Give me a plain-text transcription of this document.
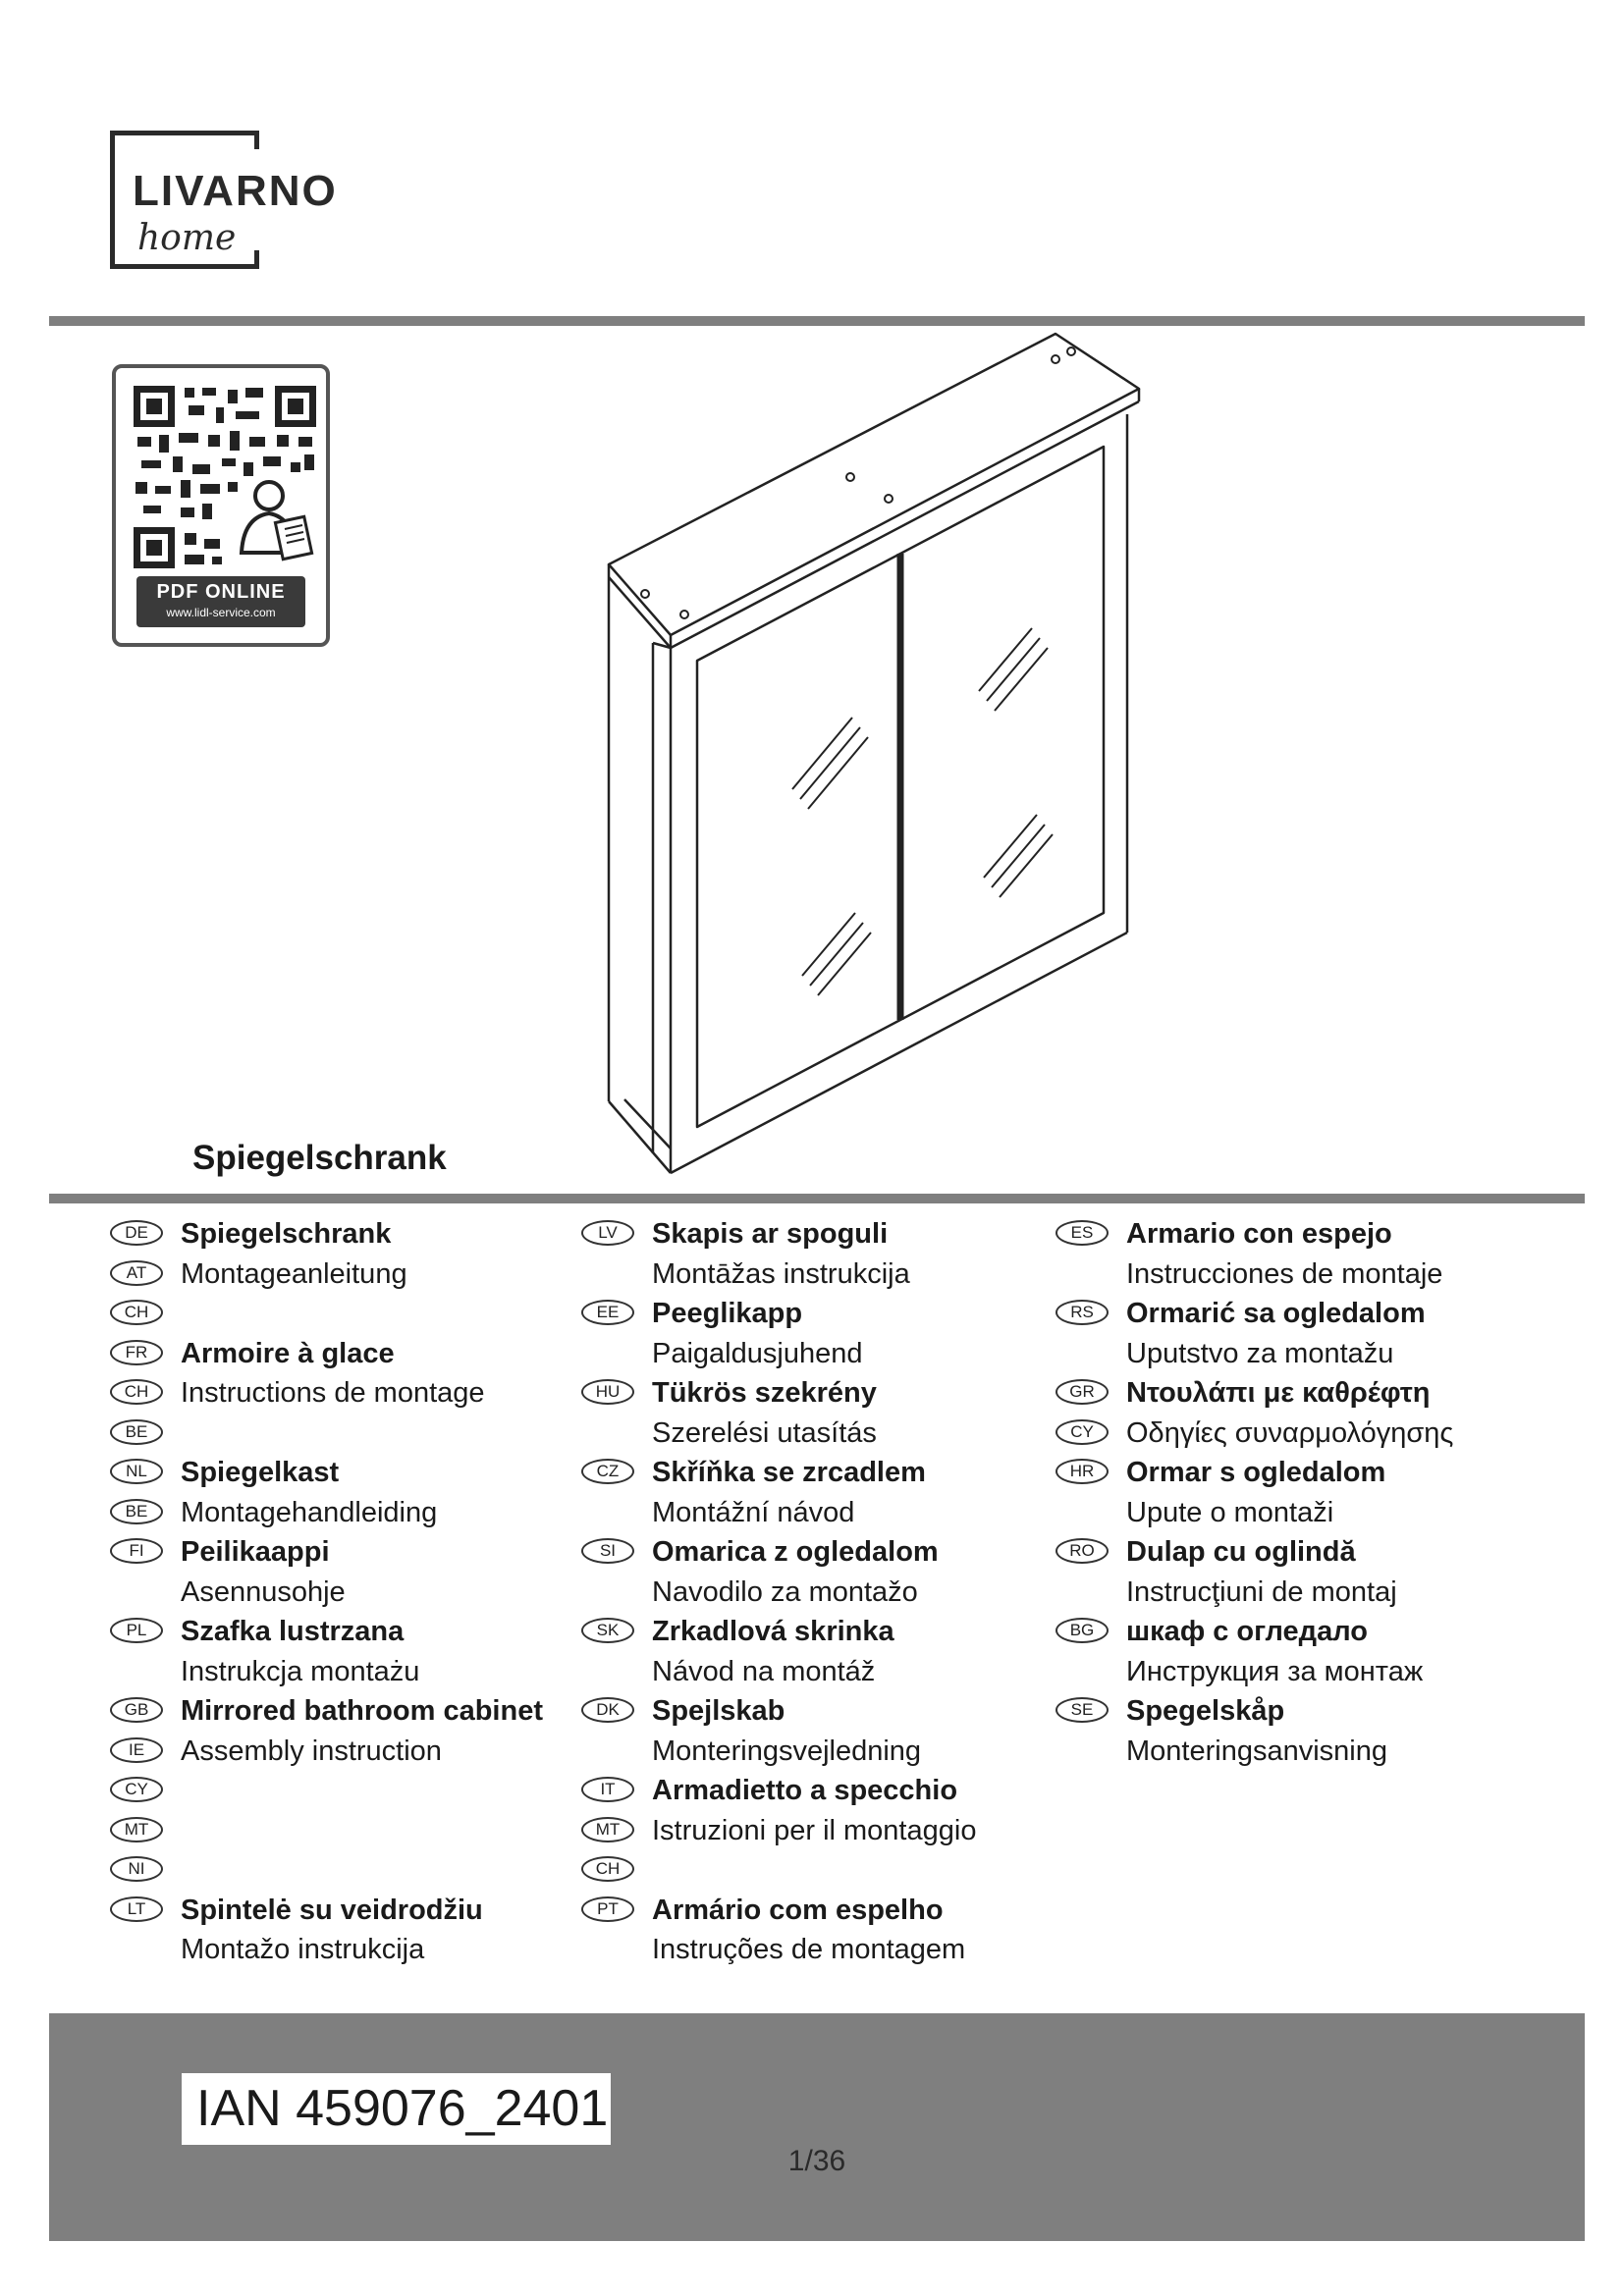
LIVARNO
home
PDF ONLINE
www.lidl-service.com
Spiegelschrank
DE	Spiegelschrank
AT	Montageanleitung
CH
FR	Armoire à glace
CH	Instructions de montage
BE
NL	Spiegelkast
BE	Montagehandleiding
FI	Peilikaappi
Asennusohje
PL	Szafka lustrzana
Instrukcja montażu
GB	Mirrored bathroom cabinet
IE	Assembly instruction
CY
MT
NI
LT	Spintelė su veidrodžiu
Montažo instrukcija
LV	Skapis ar spoguli
Montāžas instrukcija
EE	Peeglikapp
Paigaldusjuhend
HU	Tükrös szekrény
Szerelési utasítás
CZ	Skříňka se zrcadlem
Montážní návod
SI	Omarica z ogledalom
Navodilo za montažo
SK	Zrkadlová skrinka
Návod na montáž
DK	Spejlskab
Monteringsvejledning
IT	Armadietto a specchio
MT	Istruzioni per il montaggio
CH
PT	Armário com espelho
Instruções de montagem
ES	Armario con espejo
Instrucciones de montaje
RS	Ormarić sa ogledalom
Uputstvo za montažu
GR	Ντουλάπι με καθρέφτη
CY	Οδηγίες συναρμολόγησης
HR	Ormar s ogledalom
Upute o montaži
RO	Dulap cu oglindă
Instrucţiuni de montaj
BG	шкаф с огледало
Инструкция за монтаж
SE	Spegelskåp
Monteringsanvisning
IAN 459076_2401
1/36
